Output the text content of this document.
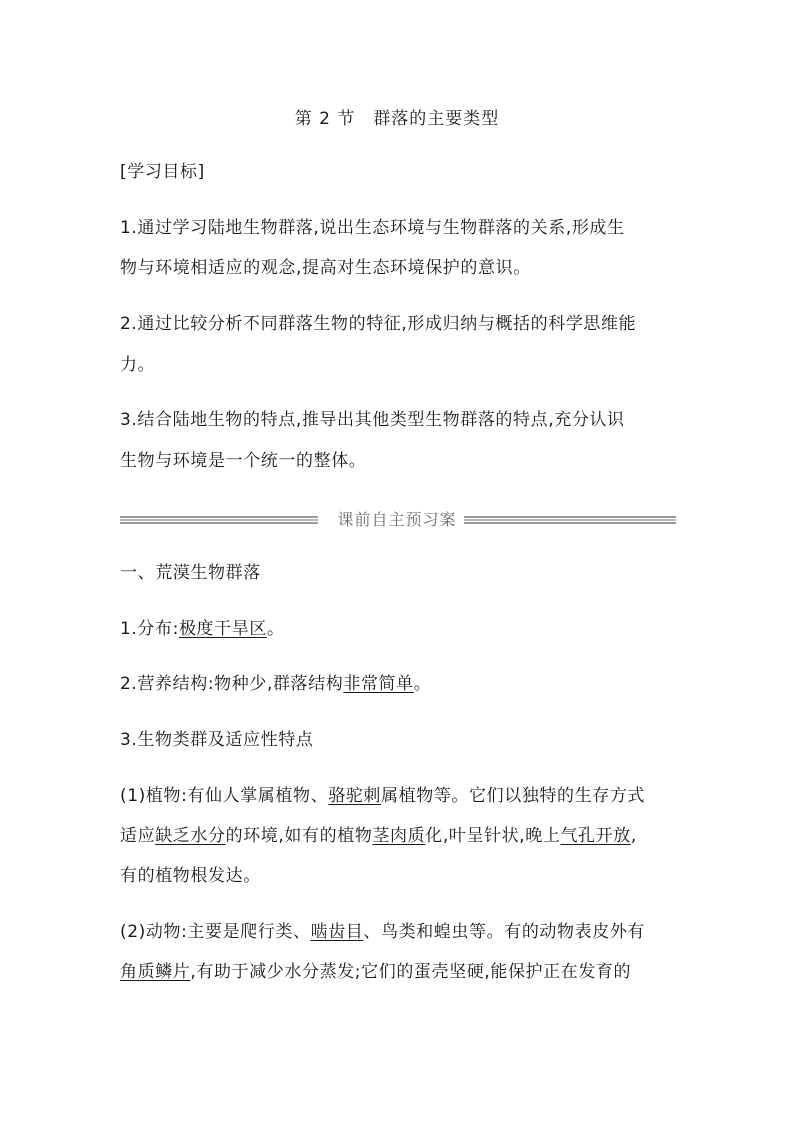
第 2 节 群落的主要类型
[学习目标]
1.通过学习陆地生物群落,说出生态环境与生物群落的关系,形成生
物与环境相适应的观念,提高对生态环境保护的意识。
2.通过比较分析不同群落生物的特征,形成归纳与概括的科学思维能
力。
3.结合陆地生物的特点,推导出其他类型生物群落的特点,充分认识
生物与环境是一个统一的整体。
课前自主预习案
一、荒漠生物群落
1.分布:极度干旱区。
2.营养结构:物种少,群落结构非常简单。
3.生物类群及适应性特点
(1)植物:有仙人掌属植物、骆驼刺属植物等。它们以独特的生存方式
适应缺乏水分的环境,如有的植物茎肉质化,叶呈针状,晚上气孔开放,
有的植物根发达。
(2)动物:主要是爬行类、啮齿目、鸟类和蝗虫等。有的动物表皮外有
角质鳞片,有助于减少水分蒸发;它们的蛋壳坚硬,能保护正在发育的
